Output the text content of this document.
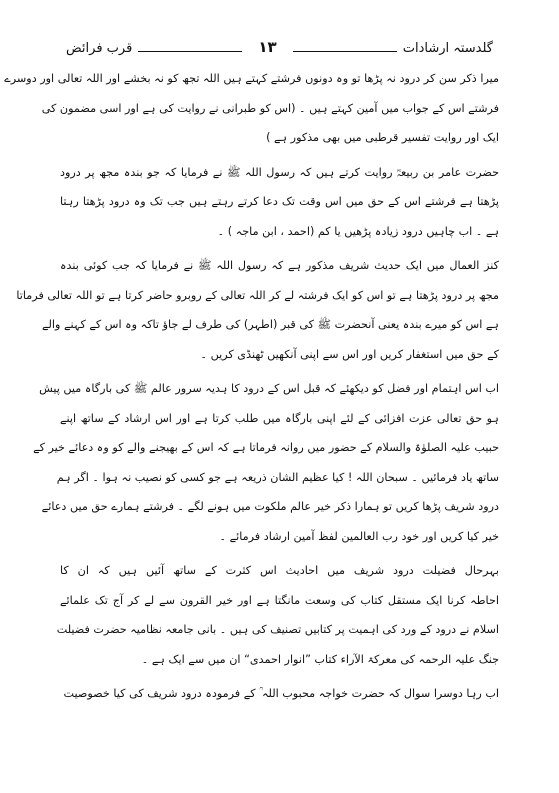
گلدستہ ارشادات
۱۳
قرب فرائض
میرا ذکر سن کر درود نہ پڑھا تو وہ دونوں فرشتے کہتے ہیں اللہ تجھ کو نہ بخشے اور اللہ تعالی اور دوسرے
فرشتے اس کے جواب میں آمین کہتے ہیں ۔ (اس کو طبرانی نے روایت کی ہے اور اسی مضمون کی
ایک اور روایت تفسیر قرطبی میں بھی مذکور ہے )
حضرت عامر بن ربیعہؓ روایت کرتے ہیں کہ رسول اللہ ﷺ نے فرمایا کہ جو بندہ مجھ پر درود
پڑھتا ہے فرشتے اس کے حق میں اس وقت تک دعا کرتے رہتے ہیں جب تک وہ درود پڑھتا رہتا
ہے ۔ اب چاہیں درود زیادہ پڑھیں یا کم (احمد ، ابن ماجہ ) ۔
کنز العمال میں ایک حدیث شریف مذکور ہے کہ رسول اللہ ﷺ نے فرمایا کہ جب کوئی بندہ
مجھ پر درود پڑھتا ہے تو اس کو ایک فرشتہ لے کر اللہ تعالی کے روبرو حاضر کرتا ہے تو اللہ تعالی فرماتا
ہے اس کو میرے بندہ یعنی آنحضرت ﷺ کی قبر (اطہر) کی طرف لے جاؤ تاکہ وہ اس کے کہنے والے
کے حق میں استغفار کریں اور اس سے اپنی آنکھیں ٹھنڈی کریں ۔
اب اس اہتمام اور فضل کو دیکھئے کہ قبل اس کے درود کا ہدیہ سرور عالم ﷺ کی بارگاہ میں پیش
ہو حق تعالی عزت افزائی کے لئے اپنی بارگاہ میں طلب کرتا ہے اور اس ارشاد کے ساتھ اپنے
حبیب علیہ الصلوٰۃ والسلام کے حضور میں روانہ فرماتا ہے کہ اس کے بھیجنے والے کو وہ دعائے خیر کے
ساتھ یاد فرمائیں ۔ سبحان اللہ ! کیا عظیم الشان ذریعہ ہے جو کسی کو نصیب نہ ہوا ۔ اگر ہم
درود شریف پڑھا کریں تو ہمارا ذکر خیر عالم ملکوت میں ہونے لگے ۔ فرشتے ہمارے حق میں دعائے
خیر کیا کریں اور خود رب العالمین لفظ آمین ارشاد فرمائے ۔
بہرحال فضیلت درود شریف میں احادیث اس کثرت کے ساتھ آئیں ہیں کہ ان کا
احاطہ کرنا ایک مستقل کتاب کی وسعت مانگتا ہے اور خیر القرون سے لے کر آج تک علمائے
اسلام نے درود کے ورد کی اہمیت پر کتابیں تصنیف کی ہیں ۔ بانی جامعہ نظامیہ حضرت فضیلت
جنگ علیہ الرحمہ کی معرکۃ الآراء کتاب ”انوار احمدی“ ان میں سے ایک ہے ۔
اب رہا دوسرا سوال کہ حضرت خواجہ محبوب اللہ ؒ کے فرمودہ درود شریف کی کیا خصوصیت
